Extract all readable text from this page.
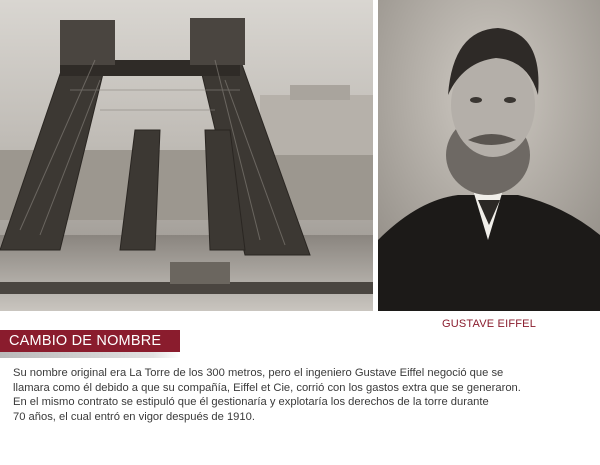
GUSTAVE EIFFEL
CAMBIO DE NOMBRE

Su nombre original era La Torre de los 300 metros, pero el ingeniero Gustave Eiffel negoció que se
llamara como él debido a que su compañía, Eiffel et Cie, corrió con los gastos extra que se generaron.
En el mismo contrato se estipuló que él gestionaría y explotaría los derechos de la torre durante
70 años, el cual entró en vigor después de 1910.
